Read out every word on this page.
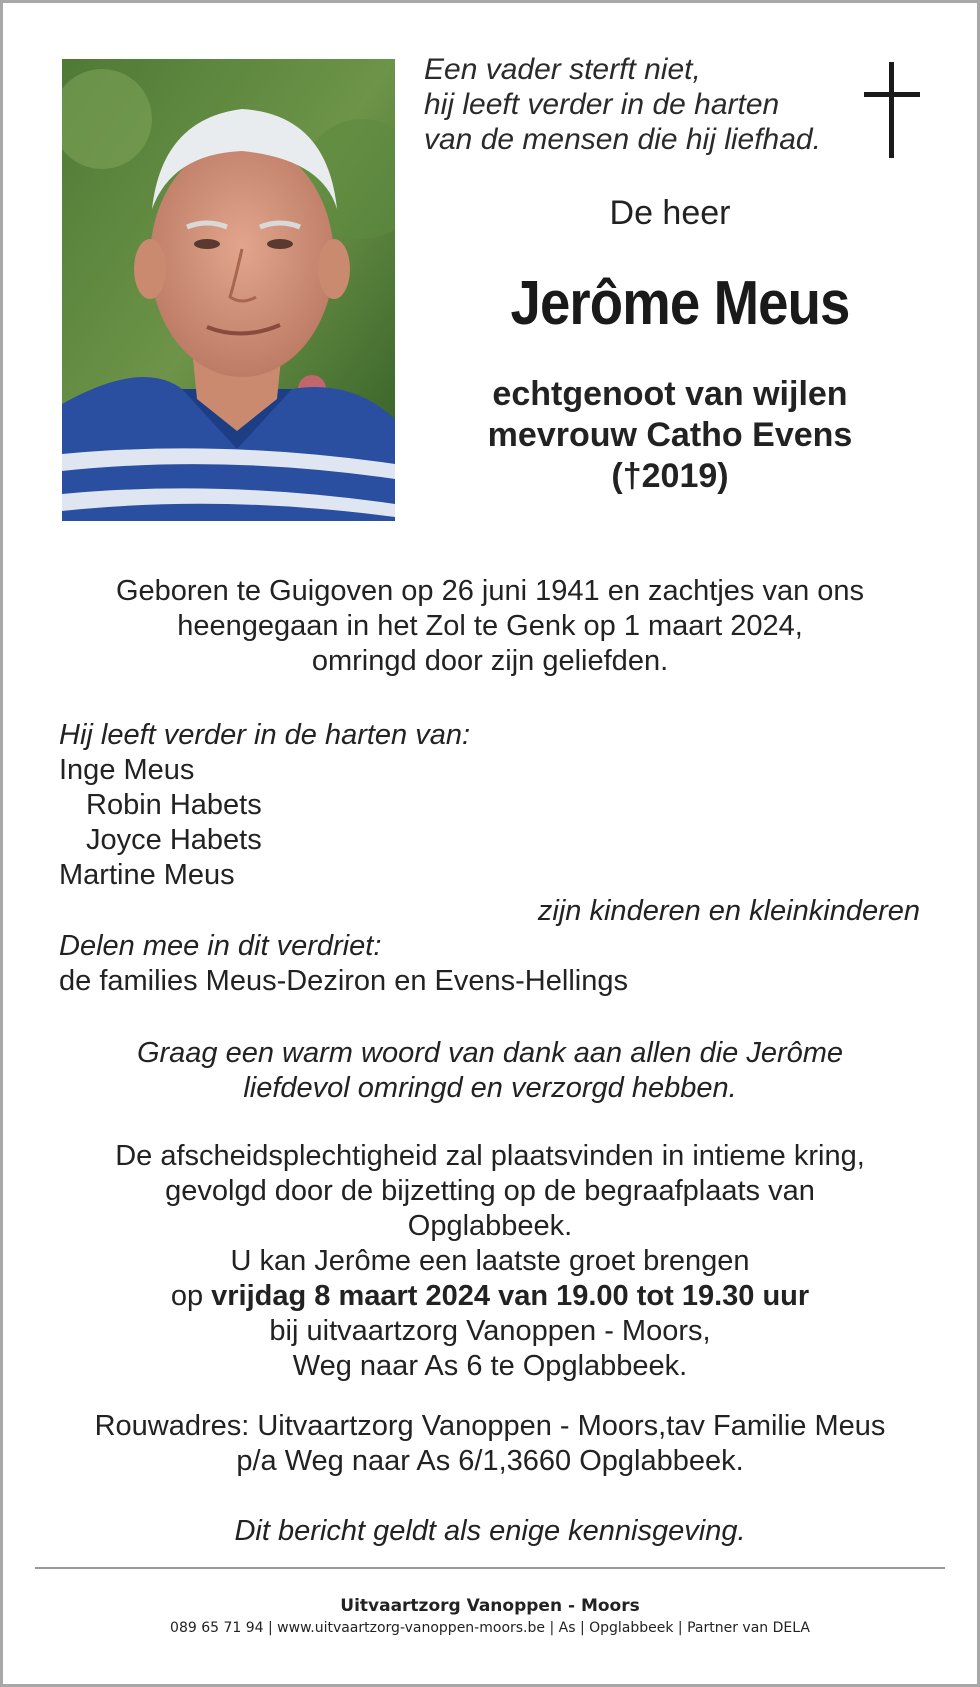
Een vader sterft niet,
hij leeft verder in de harten
van de mensen die hij liefhad.
De heer
Jerôme Meus
echtgenoot van wijlen
mevrouw Catho Evens
(†2019)
Geboren te Guigoven op 26 juni 1941 en zachtjes van ons
heengegaan in het Zol te Genk op 1 maart 2024,
omringd door zijn geliefden.
Hij leeft verder in de harten van:
Inge Meus
Robin Habets
Joyce Habets
Martine Meus
zijn kinderen en kleinkinderen
Delen mee in dit verdriet:
de families Meus-Deziron en Evens-Hellings
Graag een warm woord van dank aan allen die Jerôme
liefdevol omringd en verzorgd hebben.
De afscheidsplechtigheid zal plaatsvinden in intieme kring,
gevolgd door de bijzetting op de begraafplaats van
Opglabbeek.
U kan Jerôme een laatste groet brengen
op vrijdag 8 maart 2024 van 19.00 tot 19.30 uur
bij uitvaartzorg Vanoppen - Moors,
Weg naar As 6 te Opglabbeek.
Rouwadres: Uitvaartzorg Vanoppen - Moors,tav Familie Meus
p/a Weg naar As 6/1,3660 Opglabbeek.
Dit bericht geldt als enige kennisgeving.
Uitvaartzorg Vanoppen - Moors
089 65 71 94 | www.uitvaartzorg-vanoppen-moors.be | As | Opglabbeek | Partner van DELA
